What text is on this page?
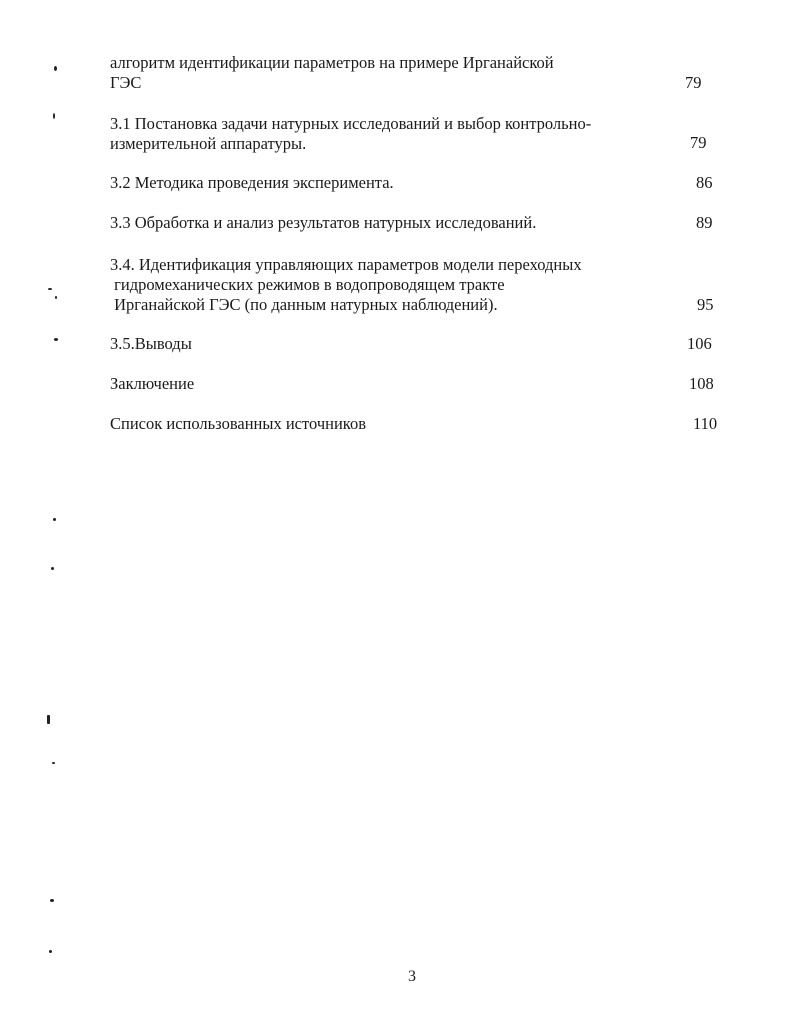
алгоритм идентификации параметров на примере Ирганайской
ГЭС	79
3.1 Постановка задачи натурных исследований и выбор контрольно-
измерительной аппаратуры.	79
3.2 Методика проведения эксперимента.	86
3.3 Обработка и анализ результатов натурных исследований.	89
3.4. Идентификация управляющих параметров модели переходных
гидромеханических режимов в водопроводящем тракте
Ирганайской ГЭС (по данным натурных наблюдений).	95
3.5.Выводы	106
Заключение	108
Список использованных источников	110
3
